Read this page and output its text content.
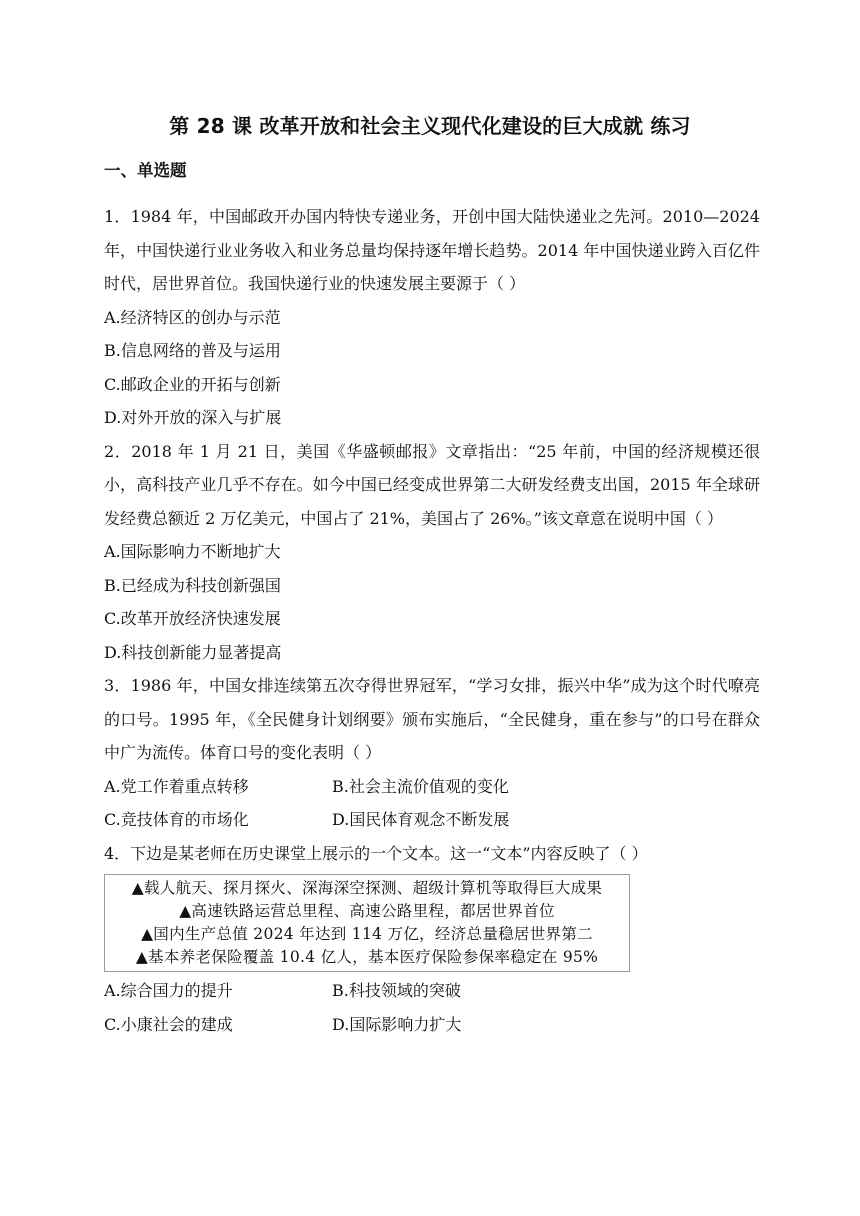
第 28 课 改革开放和社会主义现代化建设的巨大成就 练习
一、单选题

1．1984 年，中国邮政开办国内特快专递业务，开创中国大陆快递业之先河。2010—2024 年，中国快递行业业务收入和业务总量均保持逐年增长趋势。2014 年中国快递业跨入百亿件时代，居世界首位。我国快递行业的快速发展主要源于（ ）

A.经济特区的创办与示范
B.信息网络的普及与运用
C.邮政企业的开拓与创新
D.对外开放的深入与扩展

2．2018 年 1 月 21 日，美国《华盛顿邮报》文章指出：“25 年前，中国的经济规模还很小，高科技产业几乎不存在。如今中国已经变成世界第二大研发经费支出国，2015 年全球研发经费总额近 2 万亿美元，中国占了 21%，美国占了 26%。”该文章意在说明中国（ ）

A.国际影响力不断地扩大
B.已经成为科技创新强国
C.改革开放经济快速发展
D.科技创新能力显著提高

3．1986 年，中国女排连续第五次夺得世界冠军，“学习女排，振兴中华”成为这个时代嘹亮的口号。1995 年，《全民健身计划纲要》颁布实施后，“全民健身，重在参与”的口号在群众中广为流传。体育口号的变化表明（ ）

A.党工作着重点转移	B.社会主流价值观的变化
C.竞技体育的市场化	D.国民体育观念不断发展

4．下边是某老师在历史课堂上展示的一个文本。这一“文本”内容反映了（ ）

▲载人航天、探月探火、深海深空探测、超级计算机等取得巨大成果
▲高速铁路运营总里程、高速公路里程，都居世界首位
▲国内生产总值 2024 年达到 114 万亿，经济总量稳居世界第二
▲基本养老保险覆盖 10.4 亿人，基本医疗保险参保率稳定在 95%
A.综合国力的提升	B.科技领域的突破
C.小康社会的建成	D.国际影响力扩大
